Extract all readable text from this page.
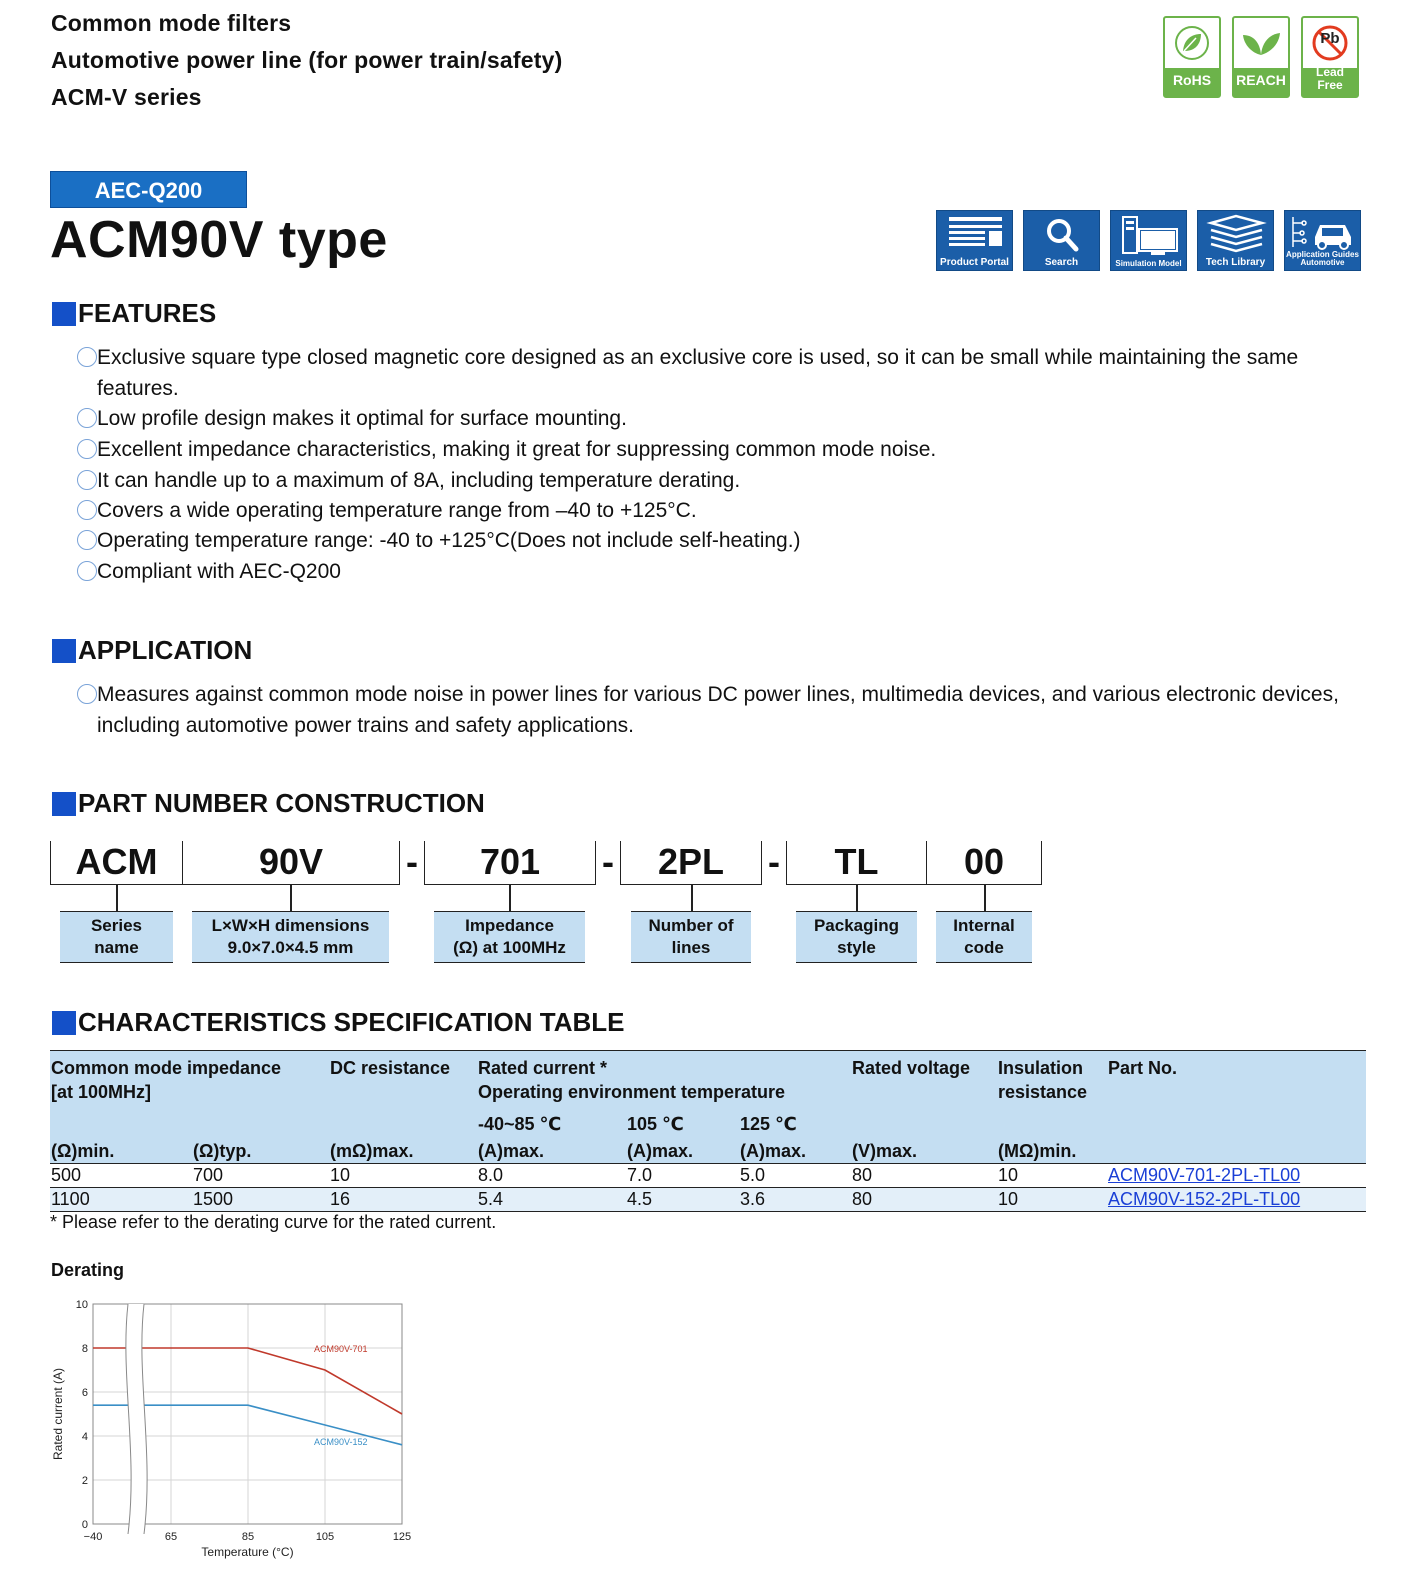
Common mode filters
Automotive power line (for power train/safety)
ACM-V series
RoHS	REACH
Pb
Lead
Free
AEC-Q200
ACM90V type	Product Portal	Search	Simulation Model	Tech Library
Application Guides
Automotive
FEATURES
Exclusive square type closed magnetic core designed as an exclusive core is used, so it can be small while maintaining the same features.
Low profile design makes it optimal for surface mounting.
Excellent impedance characteristics, making it great for suppressing common mode noise.
It can handle up to a maximum of 8A, including temperature derating.
Covers a wide operating temperature range from –40 to +125°C.
Operating temperature range: -40 to +125°C(Does not include self-heating.)
Compliant with AEC-Q200
APPLICATION
Measures against common mode noise in power lines for various DC power lines, multimedia devices, and various electronic devices, including automotive power trains and safety applications.
PART NUMBER CONSTRUCTION
ACM	90V	-	701	-	2PL	-	TL	00
Series
name
L×W×H dimensions
9.0×7.0×4.5 mm
Impedance
(Ω) at 100MHz
Number of
lines
Packaging
style
Internal
code
CHARACTERISTICS SPECIFICATION TABLE
Common mode impedance
[at 100MHz]		DC resistance	Rated current *
Operating environment temperature			Rated voltage	Insulation
resistance	Part No.
			-40~85 ℃	105 ℃	125 ℃			
(Ω)min.	(Ω)typ.	(mΩ)max.	(A)max.	(A)max.	(A)max.	(V)max.	(MΩ)min.	
500	700	10	8.0	7.0	5.0	80	10	ACM90V-701-2PL-TL00
1100	1500	16	5.4	4.5	3.6	80	10	ACM90V-152-2PL-TL00
* Please refer to the derating curve for the rated current.
Derating
0
2
4
6
8
10
−40	65	85	105	125
Temperature (°C)
Rated current (A)
ACM90V-701
ACM90V-152
